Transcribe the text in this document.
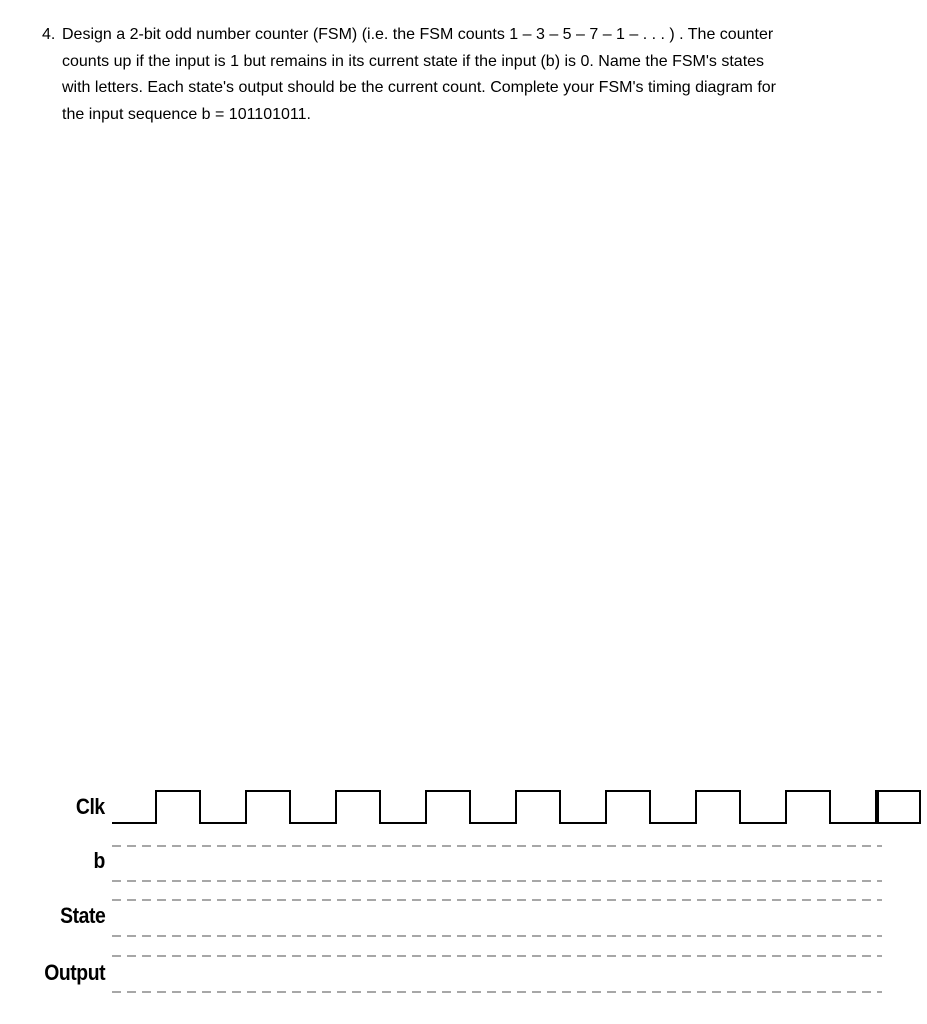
4. Design a 2-bit odd number counter (FSM) (i.e. the FSM counts 1 – 3 – 5 – 7 – 1 – . . . ) . The counter
counts up if the input is 1 but remains in its current state if the input (b) is 0. Name the FSM's states
with letters. Each state's output should be the current count. Complete your FSM's timing diagram for
the input sequence b = 101101011.
Clk
b
State
Output
